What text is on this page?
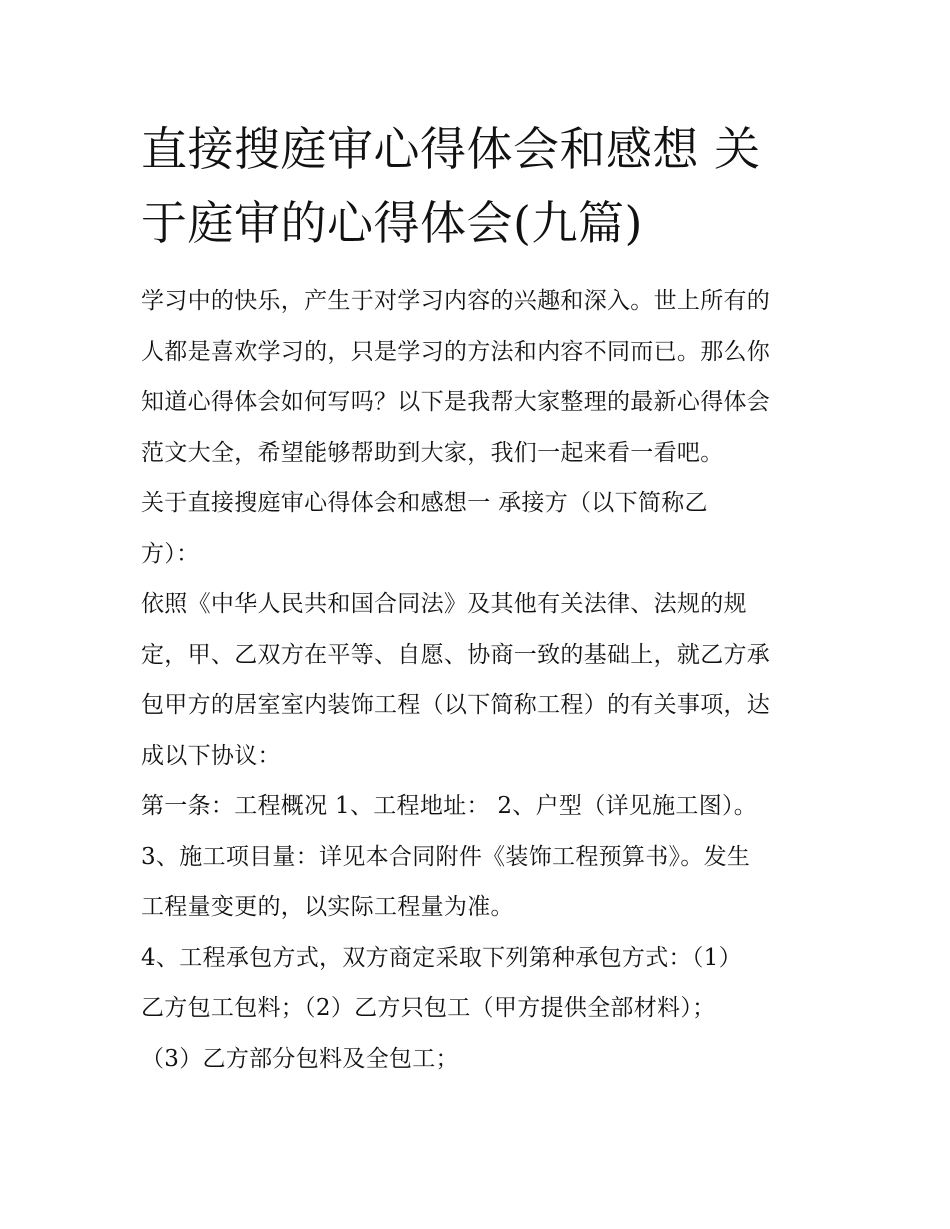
直接搜庭审心得体会和感想 关
于庭审的心得体会(九篇)
学习中的快乐，产生于对学习内容的兴趣和深入。世上所有的
人都是喜欢学习的，只是学习的方法和内容不同而已。那么你
知道心得体会如何写吗？以下是我帮大家整理的最新心得体会
范文大全，希望能够帮助到大家，我们一起来看一看吧。
关于直接搜庭审心得体会和感想一 承接方（以下简称乙
方）：
依照《中华人民共和国合同法》及其他有关法律、法规的规
定，甲、乙双方在平等、自愿、协商一致的基础上，就乙方承
包甲方的居室室内装饰工程（以下简称工程）的有关事项，达
成以下协议：
第一条：工程概况 1、工程地址： 2、户型（详见施工图）。
3、施工项目量：详见本合同附件《装饰工程预算书》。发生
工程量变更的，以实际工程量为准。
4、工程承包方式，双方商定采取下列第种承包方式：（1）
乙方包工包料；（2）乙方只包工（甲方提供全部材料）；
（3）乙方部分包料及全包工；
